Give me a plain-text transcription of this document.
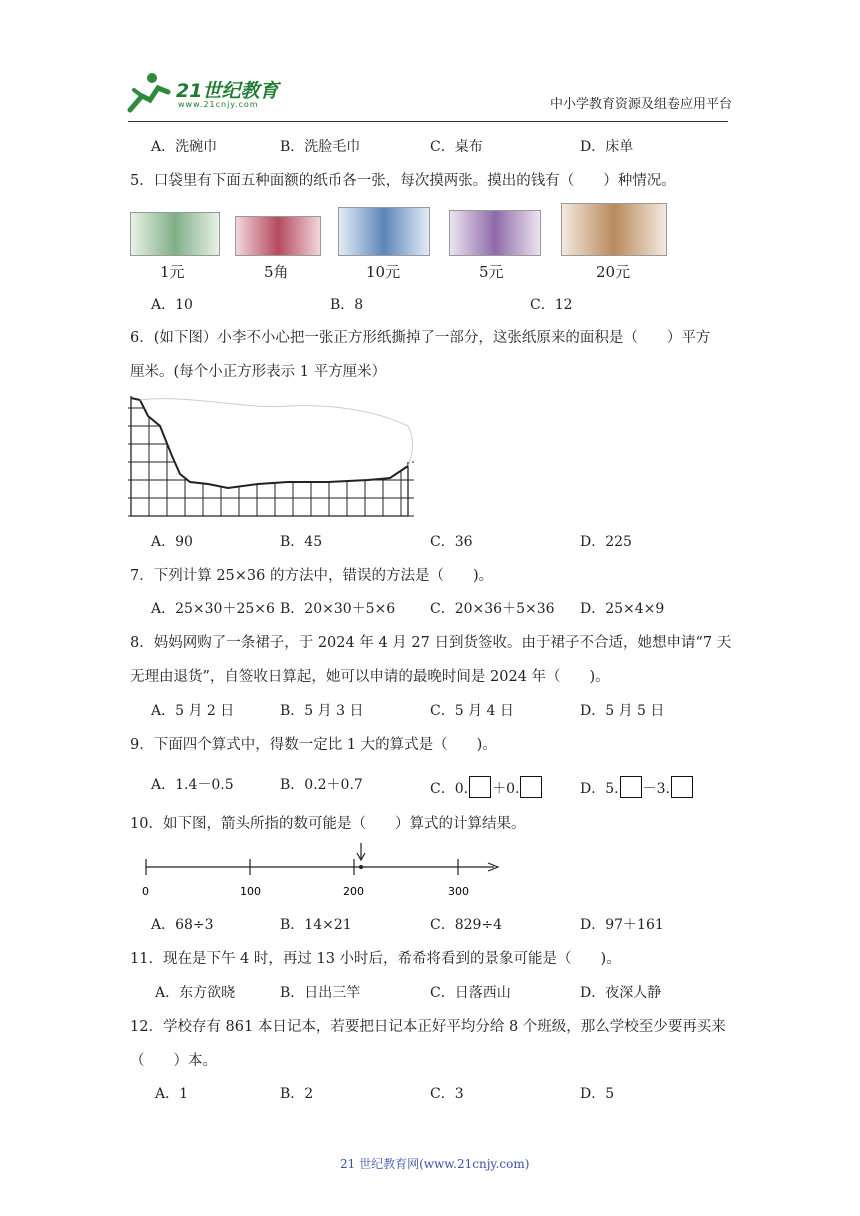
21世纪教育
www.21cnjy.com	中小学教育资源及组卷应用平台
A．洗碗巾	B．洗脸毛巾	C．桌布	D．床单
5．口袋里有下面五种面额的纸币各一张，每次摸两张。摸出的钱有（　　）种情况。
1元	5角	10元	5元	20元
A．10	B．8	C．12
6．(如下图）小李不小心把一张正方形纸撕掉了一部分，这张纸原来的面积是（　　）平方
厘米。(每个小正方形表示 1 平方厘米）
A．90	B．45	C．36	D．225
7．下列计算 25×36 的方法中，错误的方法是（　　)。
A．25×30＋25×6 B．20×30＋5×6 C．20×36＋5×36 D．25×4×9
8．妈妈网购了一条裙子，于 2024 年 4 月 27 日到货签收。由于裙子不合适，她想申请“7 天
无理由退货”，自签收日算起，她可以申请的最晚时间是 2024 年（　　)。
A．5 月 2 日	B．5 月 3 日	C．5 月 4 日	D．5 月 5 日
9．下面四个算式中，得数一定比 1 大的算式是（　　)。
A．1.4－0.5	B．0.2＋0.7	C．0. ＋0.	D．5. －3.
10．如下图，箭头所指的数可能是（　　）算式的计算结果。
0	100	200	300
A．68÷3	B．14×21	C．829÷4	D．97＋161
11．现在是下午 4 时，再过 13 小时后，希希将看到的景象可能是（　　)。
A．东方欲晓	B．日出三竿	C．日落西山	D．夜深人静
12．学校存有 861 本日记本，若要把日记本正好平均分给 8 个班级，那么学校至少要再买来
（　　）本。
A．1	B．2	C．3	D．5
21 世纪教育网(www.21cnjy.com)
